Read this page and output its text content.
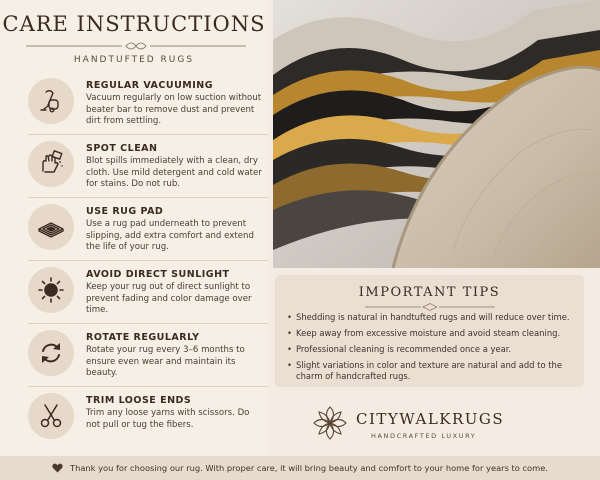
CARE INSTRUCTIONS
HANDTUFTED RUGS
REGULAR VACUUMING
Vacuum regularly on low suction without beater bar to remove dust and prevent dirt from settling.
SPOT CLEAN
Blot spills immediately with a clean, dry cloth. Use mild detergent and cold water for stains. Do not rub.
USE RUG PAD
Use a rug pad underneath to prevent slipping, add extra comfort and extend the life of your rug.
AVOID DIRECT SUNLIGHT
Keep your rug out of direct sunlight to prevent fading and color damage over time.
ROTATE REGULARLY
Rotate your rug every 3–6 months to ensure even wear and maintain its beauty.
TRIM LOOSE ENDS
Trim any loose yarns with scissors. Do not pull or tug the fibers.
IMPORTANT TIPS
• Shedding is natural in handtufted rugs and will reduce over time.
• Keep away from excessive moisture and avoid steam cleaning.
• Professional cleaning is recommended once a year.
• Slight variations in color and texture are natural and add to the charm of handcrafted rugs.
CITYWALKRUGS
HANDCRAFTED LUXURY
Thank you for choosing our rug. With proper care, it will bring beauty and comfort to your home for years to come.
